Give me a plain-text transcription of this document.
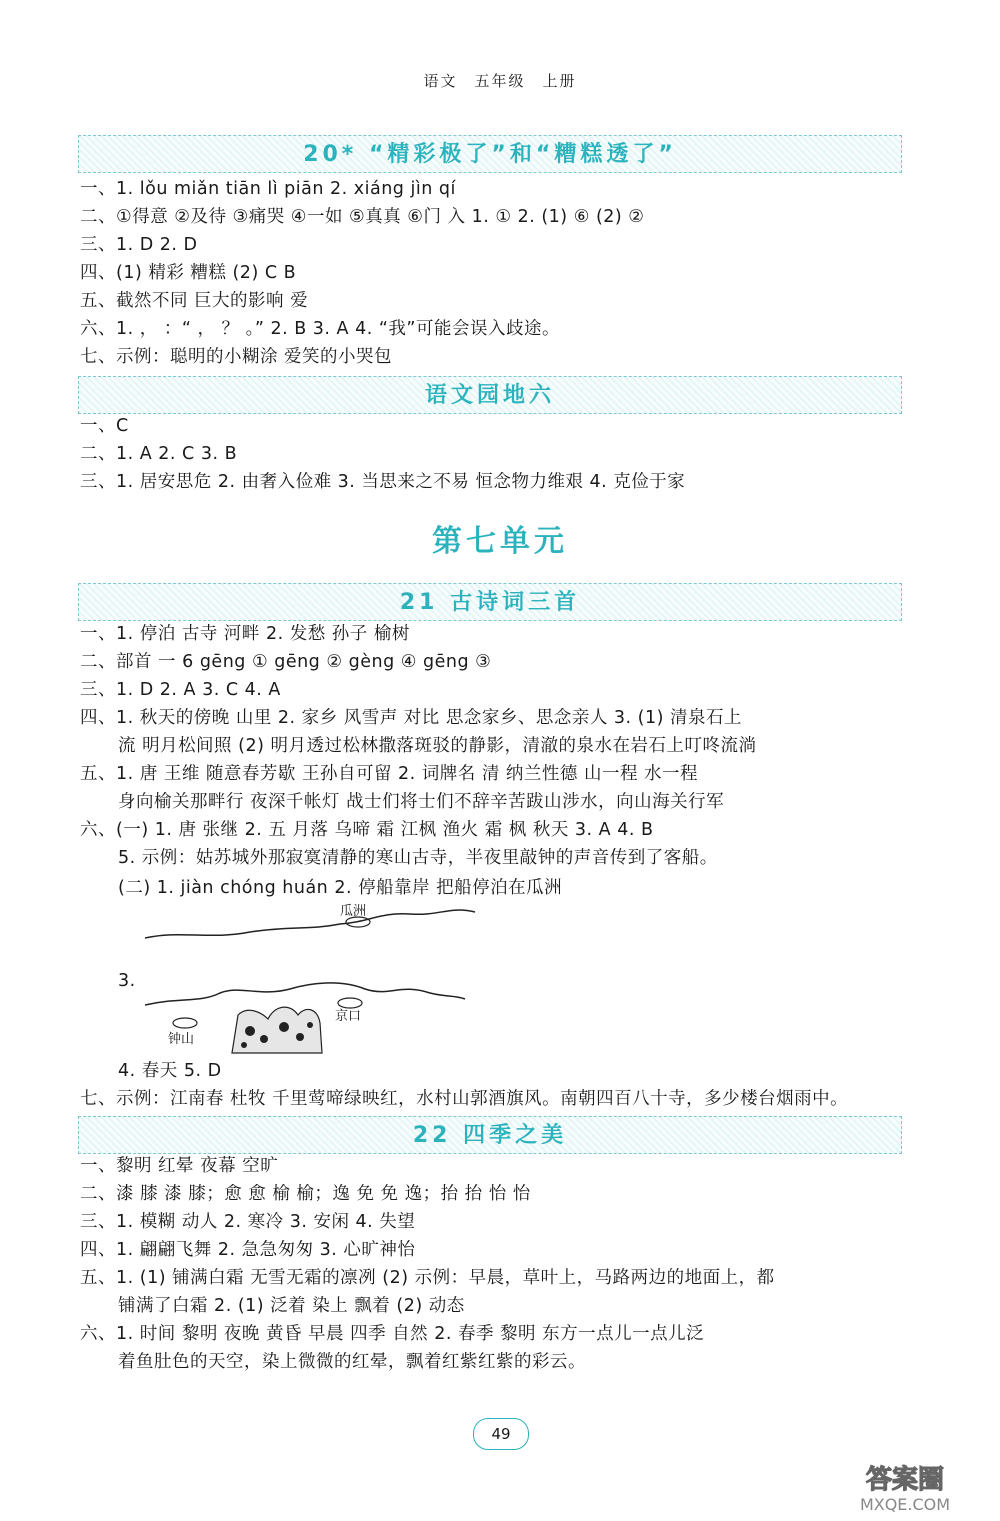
语文　五年级　上册
20* “精彩极了”和“糟糕透了”
一、1. lǒu miǎn tiān lì piān 2. xiáng jìn qí
二、①得意 ②及待 ③痛哭 ④一如 ⑤真真 ⑥门 入 1. ① 2. (1) ⑥ (2) ②
三、1. D 2. D
四、(1) 精彩 糟糕 (2) C B
五、截然不同 巨大的影响 爱
六、1. ， ：“ ， ？ 。” 2. B 3. A 4. “我”可能会误入歧途。
七、示例：聪明的小糊涂 爱笑的小哭包
语文园地六
一、C
二、1. A 2. C 3. B
三、1. 居安思危 2. 由奢入俭难 3. 当思来之不易 恒念物力维艰 4. 克俭于家
第七单元
21 古诗词三首
一、1. 停泊 古寺 河畔 2. 发愁 孙子 榆树
二、部首 一 6 gēng ① gēng ② gèng ④ gēng ③
三、1. D 2. A 3. C 4. A
四、1. 秋天的傍晚 山里 2. 家乡 风雪声 对比 思念家乡、思念亲人 3. (1) 清泉石上
流 明月松间照 (2) 明月透过松林撒落斑驳的静影，清澈的泉水在岩石上叮咚流淌
五、1. 唐 王维 随意春芳歇 王孙自可留 2. 词牌名 清 纳兰性德 山一程 水一程
身向榆关那畔行 夜深千帐灯 战士们将士们不辞辛苦跋山涉水，向山海关行军
六、(一) 1. 唐 张继 2. 五 月落 乌啼 霜 江枫 渔火 霜 枫 秋天 3. A 4. B
5. 示例：姑苏城外那寂寞清静的寒山古寺，半夜里敲钟的声音传到了客船。
(二) 1. jiàn chóng huán 2. 停船靠岸 把船停泊在瓜洲
瓜洲
3.
京口
钟山
4. 春天 5. D
七、示例：江南春 杜牧 千里莺啼绿映红，水村山郭酒旗风。南朝四百八十寺，多少楼台烟雨中。
22 四季之美
一、黎明 红晕 夜幕 空旷
二、漆 膝 漆 膝；愈 愈 榆 榆；逸 免 免 逸；抬 抬 怡 怡
三、1. 模糊 动人 2. 寒冷 3. 安闲 4. 失望
四、1. 翩翩飞舞 2. 急急匆匆 3. 心旷神怡
五、1. (1) 铺满白霜 无雪无霜的凛冽 (2) 示例：早晨，草叶上，马路两边的地面上，都
铺满了白霜 2. (1) 泛着 染上 飘着 (2) 动态
六、1. 时间 黎明 夜晚 黄昏 早晨 四季 自然 2. 春季 黎明 东方一点儿一点儿泛
着鱼肚色的天空，染上微微的红晕，飘着红紫红紫的彩云。
49
答案圈
MXQE.COM
